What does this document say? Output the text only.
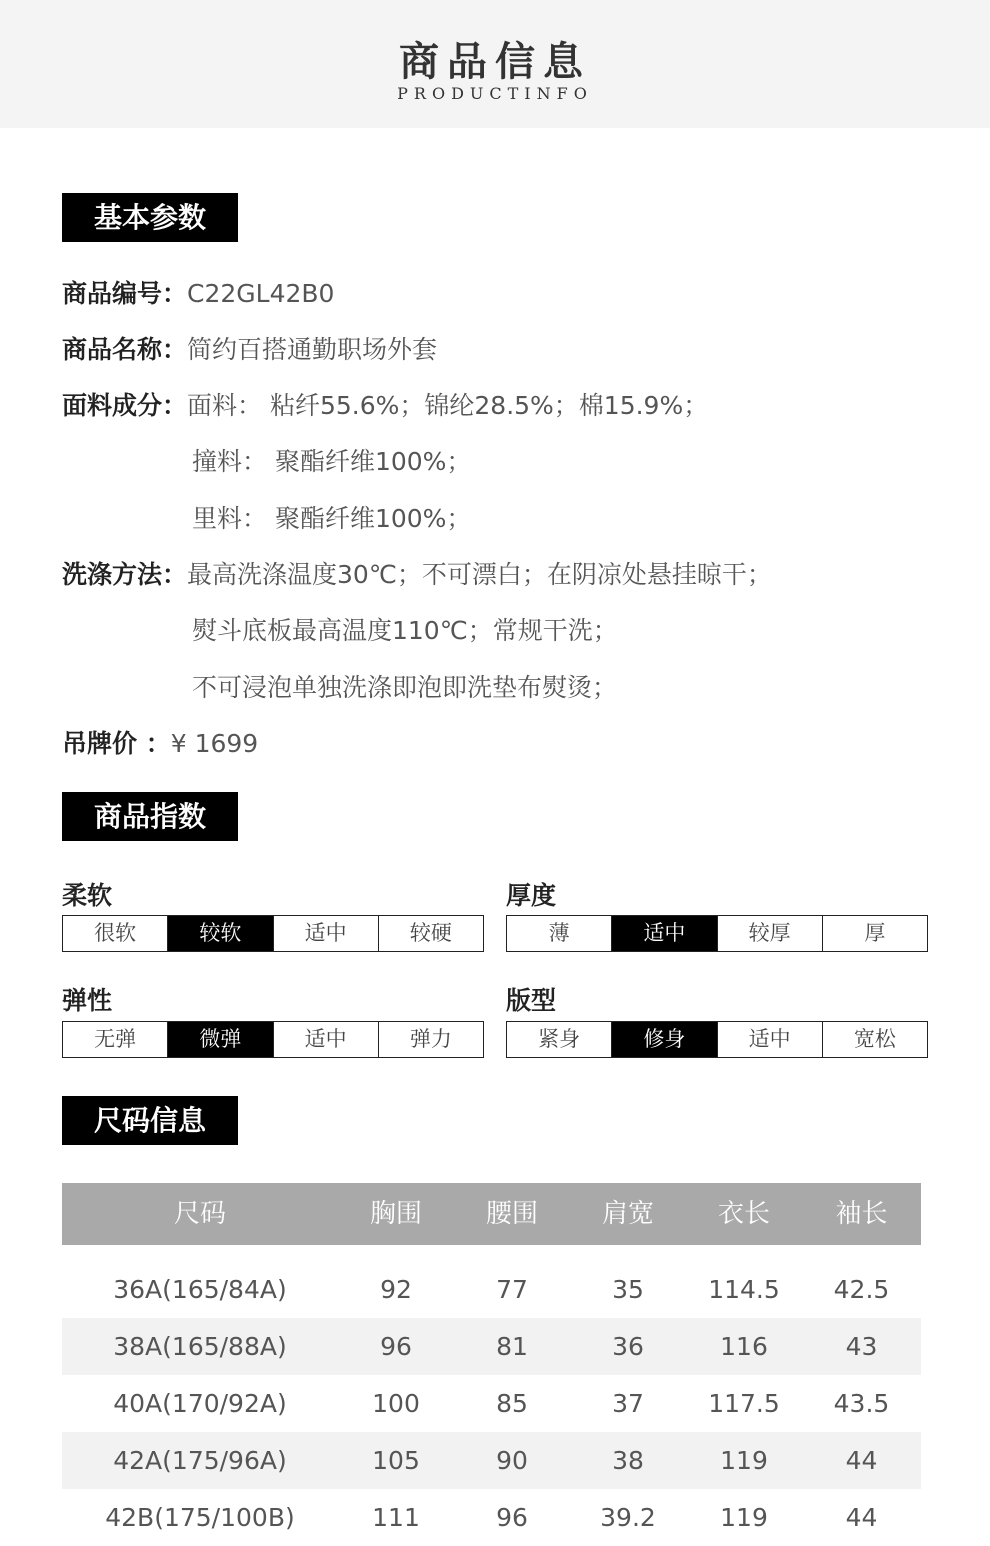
商品信息
PRODUCTINFO
基本参数
商品编号：C22GL42B0
商品名称：简约百搭通勤职场外套
面料成分：面料： 粘纤55.6%；锦纶28.5%；棉15.9%；
撞料： 聚酯纤维100%；
里料： 聚酯纤维100%；
洗涤方法：最高洗涤温度30℃；不可漂白；在阴凉处悬挂晾干；
熨斗底板最高温度110℃；常规干洗；
不可浸泡单独洗涤即泡即洗垫布熨烫；
吊牌价 ：¥ 1699
商品指数
柔软
很软	较软	适中	较硬
厚度
薄	适中	较厚	厚
弹性
无弹	微弹	适中	弹力
版型
紧身	修身	适中	宽松
尺码信息
尺码	胸围	腰围	肩宽	衣长	袖长
36A(165/84A)	92	77	35	114.5	42.5
38A(165/88A)	96	81	36	116	43
40A(170/92A)	100	85	37	117.5	43.5
42A(175/96A)	105	90	38	119	44
42B(175/100B)	111	96	39.2	119	44
